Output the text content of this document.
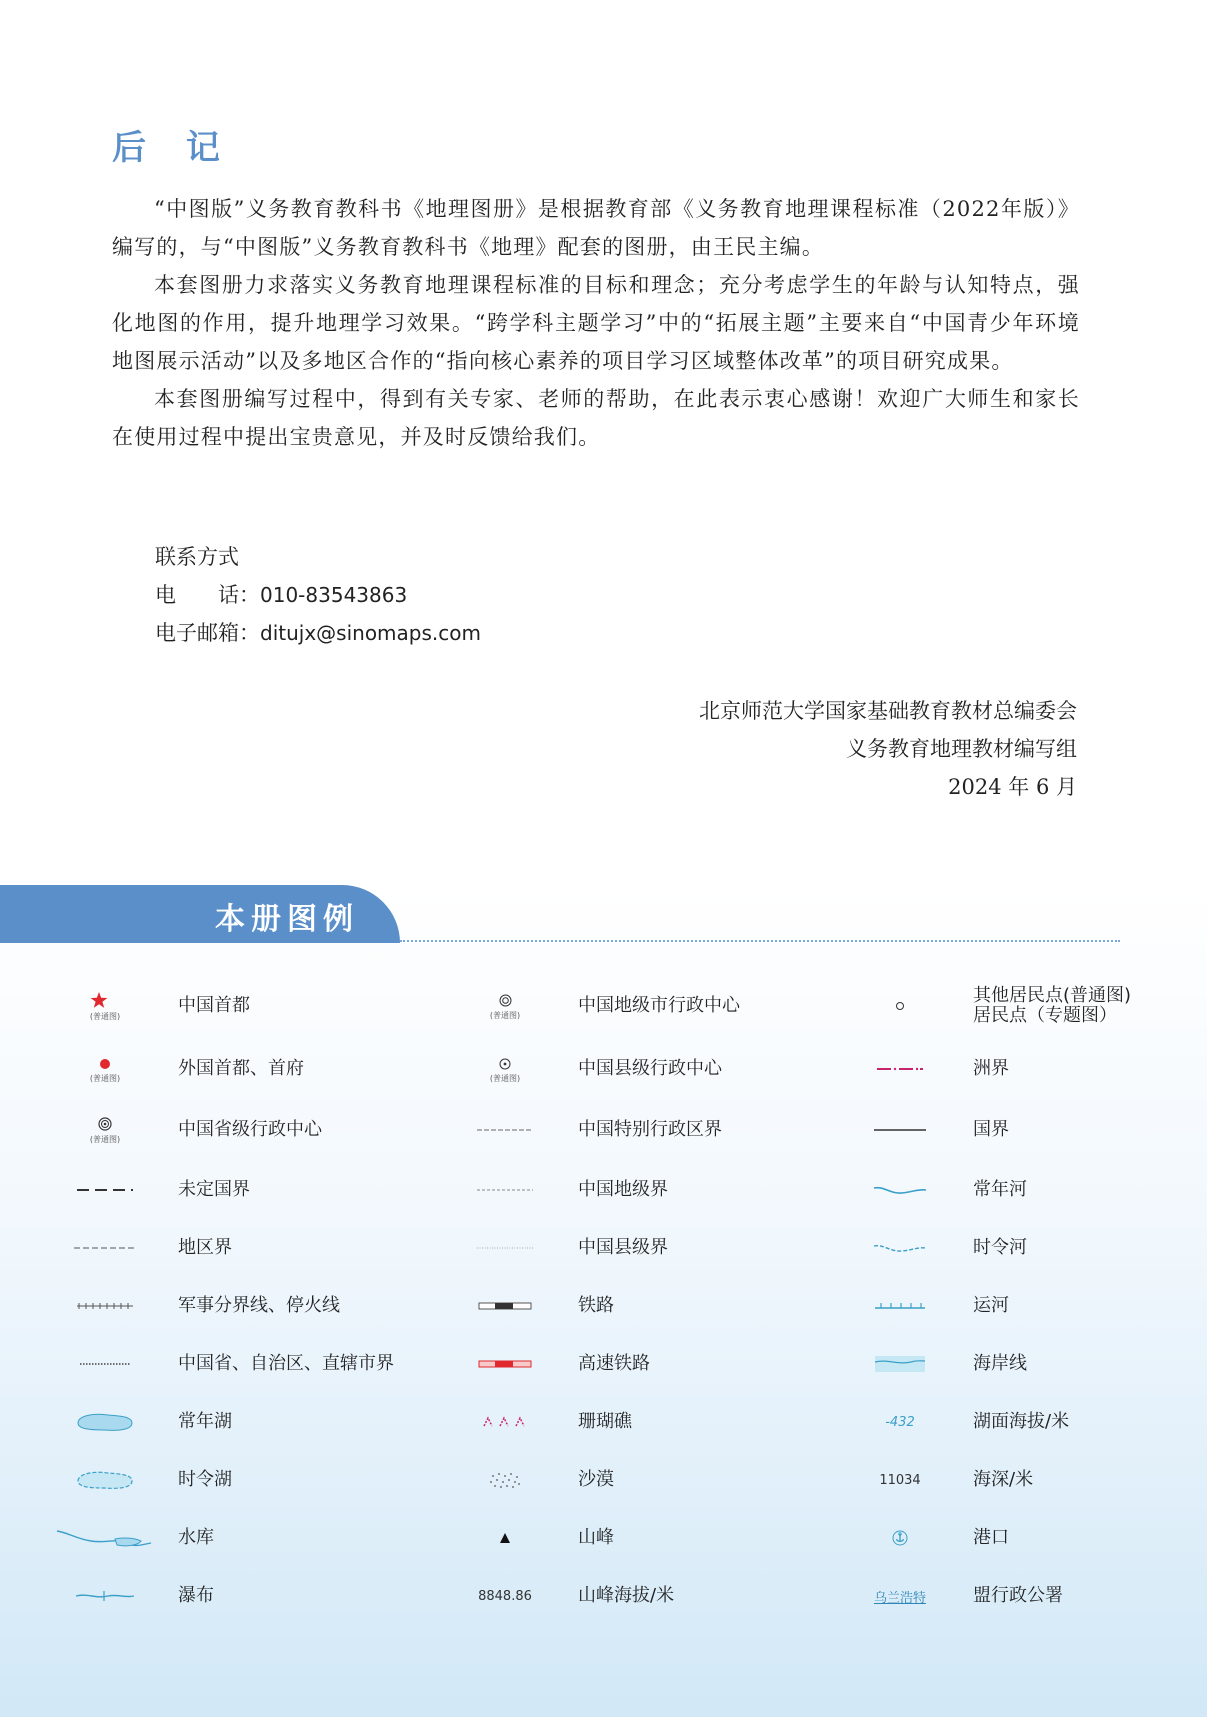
后 记

“中图版”义务教育教科书《地理图册》是根据教育部《义务教育地理课程标准（2022年版）》编写的，与“中图版”义务教育教科书《地理》配套的图册，由王民主编。

本套图册力求落实义务教育地理课程标准的目标和理念；充分考虑学生的年龄与认知特点，强化地图的作用，提升地理学习效果。“跨学科主题学习”中的“拓展主题”主要来自“中国青少年环境地图展示活动”以及多地区合作的“指向核心素养的项目学习区域整体改革”的项目研究成果。

本套图册编写过程中，得到有关专家、老师的帮助，在此表示衷心感谢！欢迎广大师生和家长在使用过程中提出宝贵意见，并及时反馈给我们。

联系方式
电　　话：010-83543863
电子邮箱：ditujx@sinomaps.com
北京师范大学国家基础教育教材总编委会
义务教育地理教材编写组
2024 年 6 月
本册图例
(普通图)	中国首都
(普通图)	外国首都、首府
(普通图)	中国省级行政中心
未定国界
地区界
军事分界线、停火线
中国省、自治区、直辖市界
常年湖
时令湖
水库
瀑布
(普通图)	中国地级市行政中心
(普通图)	中国县级行政中心
中国特别行政区界
中国地级界
中国县级界
铁路
高速铁路
珊瑚礁
沙漠
山峰
8848.86	山峰海拔/米
其他居民点(普通图)
居民点（专题图）
洲界
国界
常年河
时令河
运河
海岸线
-432	湖面海拔/米
11034	海深/米
港口
乌兰浩特	盟行政公署
